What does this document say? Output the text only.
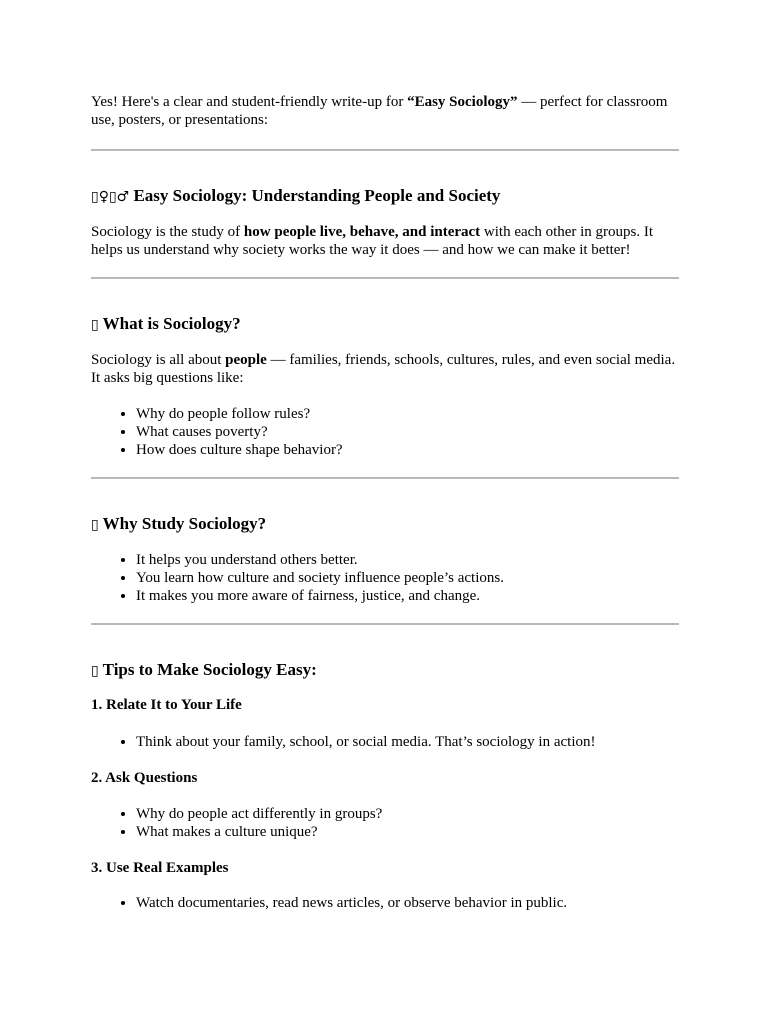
Yes! Here's a clear and student-friendly write-up for “Easy Sociology” — perfect for classroom use, posters, or presentations:

▯♀▯♂ Easy Sociology: Understanding People and Society

Sociology is the study of how people live, behave, and interact with each other in groups. It helps us understand why society works the way it does — and how we can make it better!

▯ What is Sociology?

Sociology is all about people — families, friends, schools, cultures, rules, and even social media. It asks big questions like:

• Why do people follow rules?
• What causes poverty?
• How does culture shape behavior?
▯ Why Study Sociology?
• It helps you understand others better.
• You learn how culture and society influence people’s actions.
• It makes you more aware of fairness, justice, and change.
▯ Tips to Make Sociology Easy:
1. Relate It to Your Life
• Think about your family, school, or social media. That’s sociology in action!
2. Ask Questions
• Why do people act differently in groups?
• What makes a culture unique?
3. Use Real Examples
• Watch documentaries, read news articles, or observe behavior in public.
